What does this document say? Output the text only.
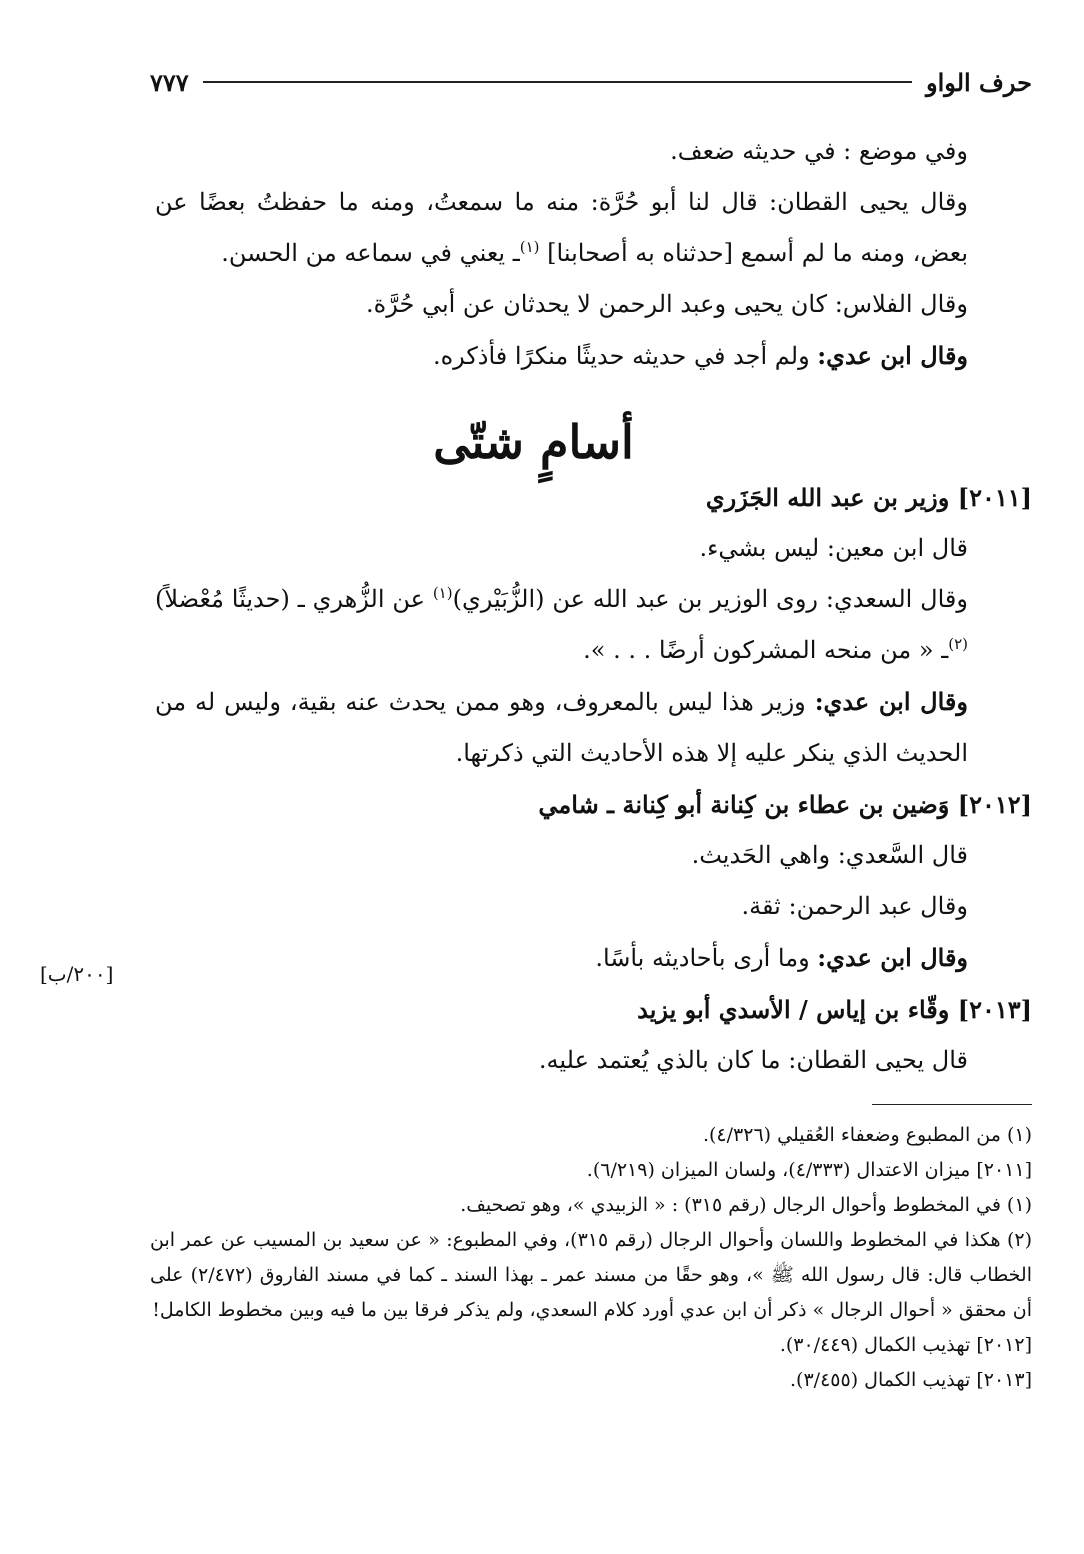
حرف الواو
٧٧٧

وفي موضع : في حديثه ضعف.

وقال يحيى القطان: قال لنا أبو حُرَّة: منه ما سمعتُ، ومنه ما حفظتُ بعضًا عن بعض، ومنه ما لم أسمع [حدثناه به أصحابنا] $^{(١)}$ـ يعني في سماعه من الحسن.

وقال الفلاس: كان يحيى وعبد الرحمن لا يحدثان عن أبي حُرَّة.

وقال ابن عدي: ولم أجد في حديثه حديثًا منكرًا فأذكره.

أسامٍ شتّى

[٢٠١١] وزير بن عبد الله الجَزَري

قال ابن معين: ليس بشيء.

وقال السعدي: روى الوزير بن عبد الله عن (الزُّبَيْري)$^{(١)}$ عن الزُّهري ـ (حديثًا مُعْضلاً) $^{(٢)}$ـ « من منحه المشركون أرضًا . . . ».

وقال ابن عدي: وزير هذا ليس بالمعروف، وهو ممن يحدث عنه بقية، وليس له من الحديث الذي ينكر عليه إلا هذه الأحاديث التي ذكرتها.

[٢٠١٢] وَضين بن عطاء بن كِنانة أبو كِنانة ـ شامي

قال السَّعدي: واهي الحَديث.

وقال عبد الرحمن: ثقة.

وقال ابن عدي: وما أرى بأحاديثه بأسًا.

[٢٠١٣] وقّاء بن إياس / الأسدي أبو يزيد

قال يحيى القطان: ما كان بالذي يُعتمد عليه.

[٢٠٠/ب]

(١) من المطبوع وضعفاء العُقيلي (٤/٣٢٦).

[٢٠١١] ميزان الاعتدال (٤/٣٣٣)، ولسان الميزان (٦/٢١٩).

(١) في المخطوط وأحوال الرجال (رقم ٣١٥) : « الزبيدي »، وهو تصحيف.

(٢) هكذا في المخطوط واللسان وأحوال الرجال (رقم ٣١٥)، وفي المطبوع: « عن سعيد بن المسيب عن عمر ابن الخطاب قال: قال رسول الله ﷺ »، وهو حقًا من مسند عمر ـ بهذا السند ـ كما في مسند الفاروق (٢/٤٧٢) على أن محقق « أحوال الرجال » ذكر أن ابن عدي أورد كلام السعدي، ولم يذكر فرقا بين ما فيه وبين مخطوط الكامل!

[٢٠١٢] تهذيب الكمال (٣٠/٤٤٩).

[٢٠١٣] تهذيب الكمال (٣/٤٥٥).
